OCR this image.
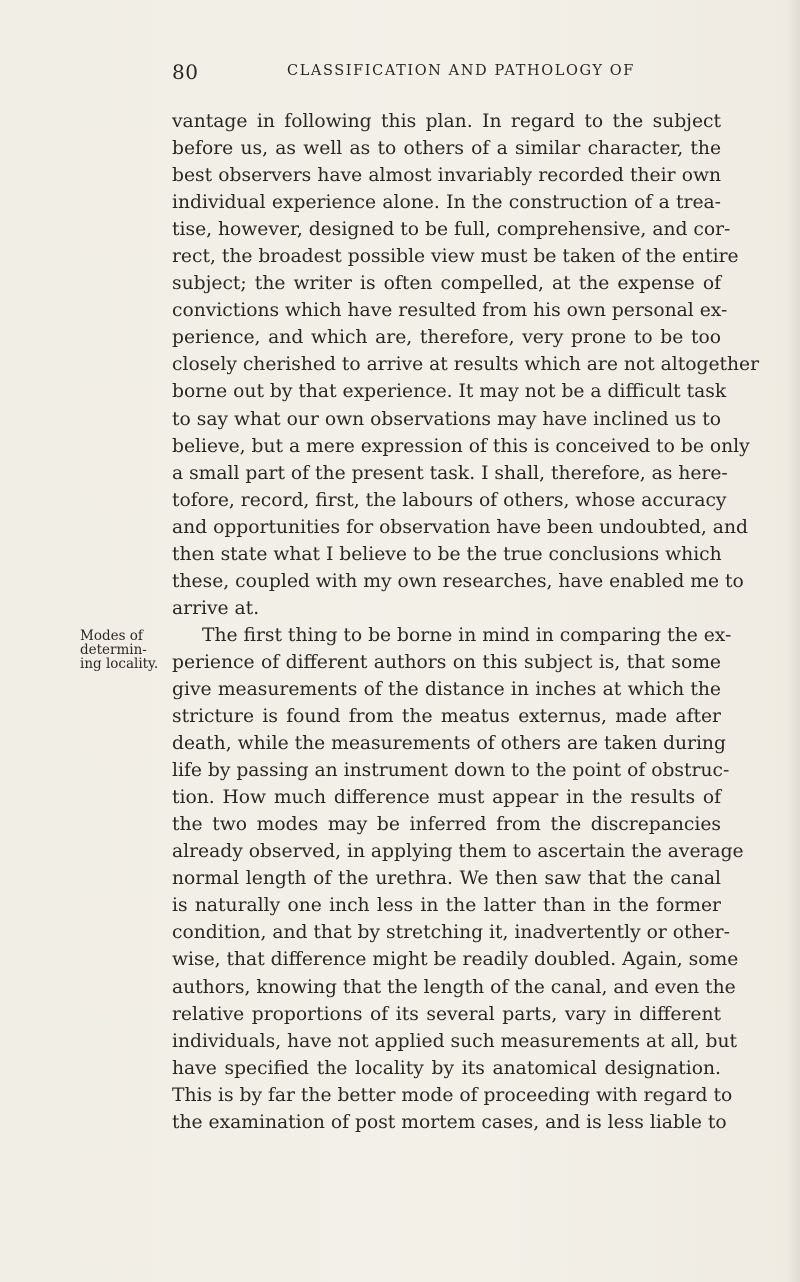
80	CLASSIFICATION AND PATHOLOGY OF
vantage in following this plan. In regard to the subject
before us, as well as to others of a similar character, the
best observers have almost invariably recorded their own
individual experience alone. In the construction of a trea-
tise, however, designed to be full, comprehensive, and cor-
rect, the broadest possible view must be taken of the entire
subject; the writer is often compelled, at the expense of
convictions which have resulted from his own personal ex-
perience, and which are, therefore, very prone to be too
closely cherished to arrive at results which are not altogether
borne out by that experience. It may not be a difficult task
to say what our own observations may have inclined us to
believe, but a mere expression of this is conceived to be only
a small part of the present task. I shall, therefore, as here-
tofore, record, first, the labours of others, whose accuracy
and opportunities for observation have been undoubted, and
then state what I believe to be the true conclusions which
these, coupled with my own researches, have enabled me to
arrive at.
The first thing to be borne in mind in comparing the ex-
Modes of
determin-
ing locality. perience of different authors on this subject is, that some
give measurements of the distance in inches at which the
stricture is found from the meatus externus, made after
death, while the measurements of others are taken during
life by passing an instrument down to the point of obstruc-
tion. How much difference must appear in the results of
the two modes may be inferred from the discrepancies
already observed, in applying them to ascertain the average
normal length of the urethra. We then saw that the canal
is naturally one inch less in the latter than in the former
condition, and that by stretching it, inadvertently or other-
wise, that difference might be readily doubled. Again, some
authors, knowing that the length of the canal, and even the
relative proportions of its several parts, vary in different
individuals, have not applied such measurements at all, but
have specified the locality by its anatomical designation.
This is by far the better mode of proceeding with regard to
the examination of post mortem cases, and is less liable to
